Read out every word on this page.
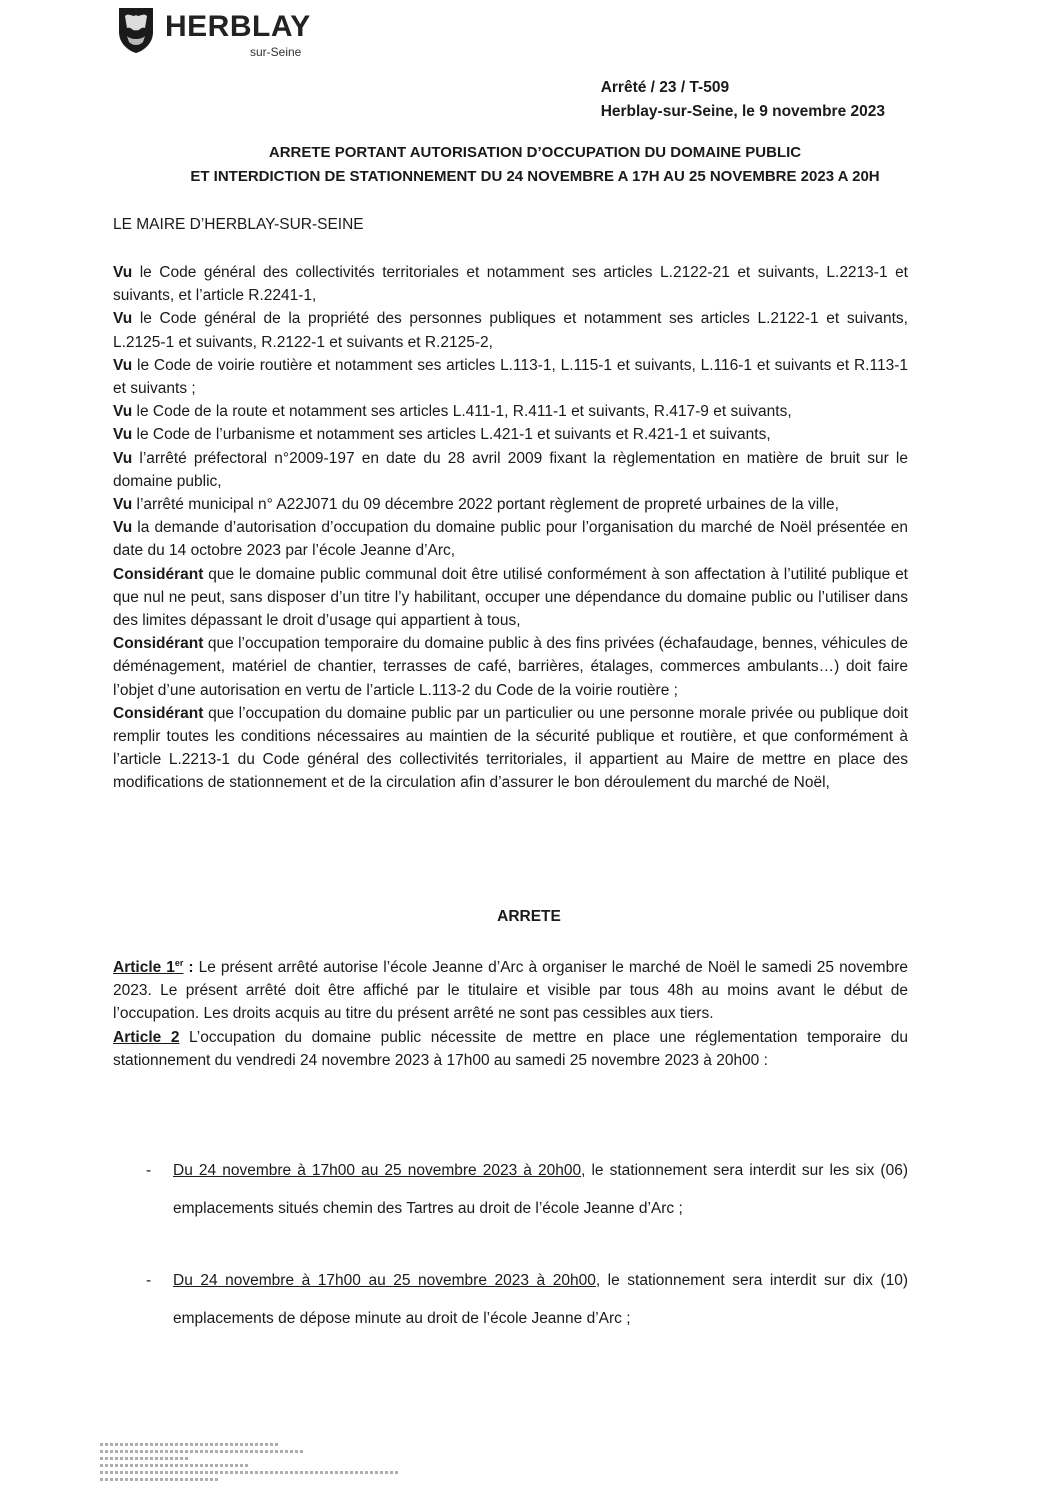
HERBLAY
sur-Seine
Arrêté / 23 / T-509
Herblay-sur-Seine, le 9 novembre 2023
ARRETE PORTANT AUTORISATION D’OCCUPATION DU DOMAINE PUBLIC
ET INTERDICTION DE STATIONNEMENT DU 24 NOVEMBRE A 17H AU 25 NOVEMBRE 2023 A 20H
LE MAIRE D’HERBLAY-SUR-SEINE

Vu le Code général des collectivités territoriales et notamment ses articles L.2122-21 et suivants, L.2213-1 et suivants, et l’article R.2241-1,

Vu le Code général de la propriété des personnes publiques et notamment ses articles L.2122-1 et suivants, L.2125-1 et suivants, R.2122-1 et suivants et R.2125-2,

Vu le Code de voirie routière et notamment ses articles L.113-1, L.115-1 et suivants, L.116-1 et suivants et R.113-1 et suivants ;

Vu le Code de la route et notamment ses articles L.411-1, R.411-1 et suivants, R.417-9 et suivants,

Vu le Code de l’urbanisme et notamment ses articles L.421-1 et suivants et R.421-1 et suivants,

Vu l’arrêté préfectoral n°2009-197 en date du 28 avril 2009 fixant la règlementation en matière de bruit sur le domaine public,

Vu l’arrêté municipal n° A22J071 du 09 décembre 2022 portant règlement de propreté urbaines de la ville,

Vu la demande d’autorisation d’occupation du domaine public pour l’organisation du marché de Noël présentée en date du 14 octobre 2023 par l’école Jeanne d’Arc,

Considérant que le domaine public communal doit être utilisé conformément à son affectation à l’utilité publique et que nul ne peut, sans disposer d’un titre l’y habilitant, occuper une dépendance du domaine public ou l’utiliser dans des limites dépassant le droit d’usage qui appartient à tous,

Considérant que l’occupation temporaire du domaine public à des fins privées (échafaudage, bennes, véhicules de déménagement, matériel de chantier, terrasses de café, barrières, étalages, commerces ambulants…) doit faire l’objet d’une autorisation en vertu de l’article L.113-2 du Code de la voirie routière ;

Considérant que l’occupation du domaine public par un particulier ou une personne morale privée ou publique doit remplir toutes les conditions nécessaires au maintien de la sécurité publique et routière, et que conformément à l’article L.2213-1 du Code général des collectivités territoriales, il appartient au Maire de mettre en place des modifications de stationnement et de la circulation afin d’assurer le bon déroulement du marché de Noël,

ARRETE

Article 1er : Le présent arrêté autorise l’école Jeanne d’Arc à organiser le marché de Noël le samedi 25 novembre 2023. Le présent arrêté doit être affiché par le titulaire et visible par tous 48h au moins avant le début de l’occupation. Les droits acquis au titre du présent arrêté ne sont pas cessibles aux tiers.

Article 2 L’occupation du domaine public nécessite de mettre en place une réglementation temporaire du stationnement du vendredi 24 novembre 2023 à 17h00 au samedi 25 novembre 2023 à 20h00 :

- Du 24 novembre à 17h00 au 25 novembre 2023 à 20h00, le stationnement sera interdit sur les six (06) emplacements situés chemin des Tartres au droit de l’école Jeanne d’Arc ;
- Du 24 novembre à 17h00 au 25 novembre 2023 à 20h00, le stationnement sera interdit sur dix (10) emplacements de dépose minute au droit de l’école Jeanne d’Arc ;
